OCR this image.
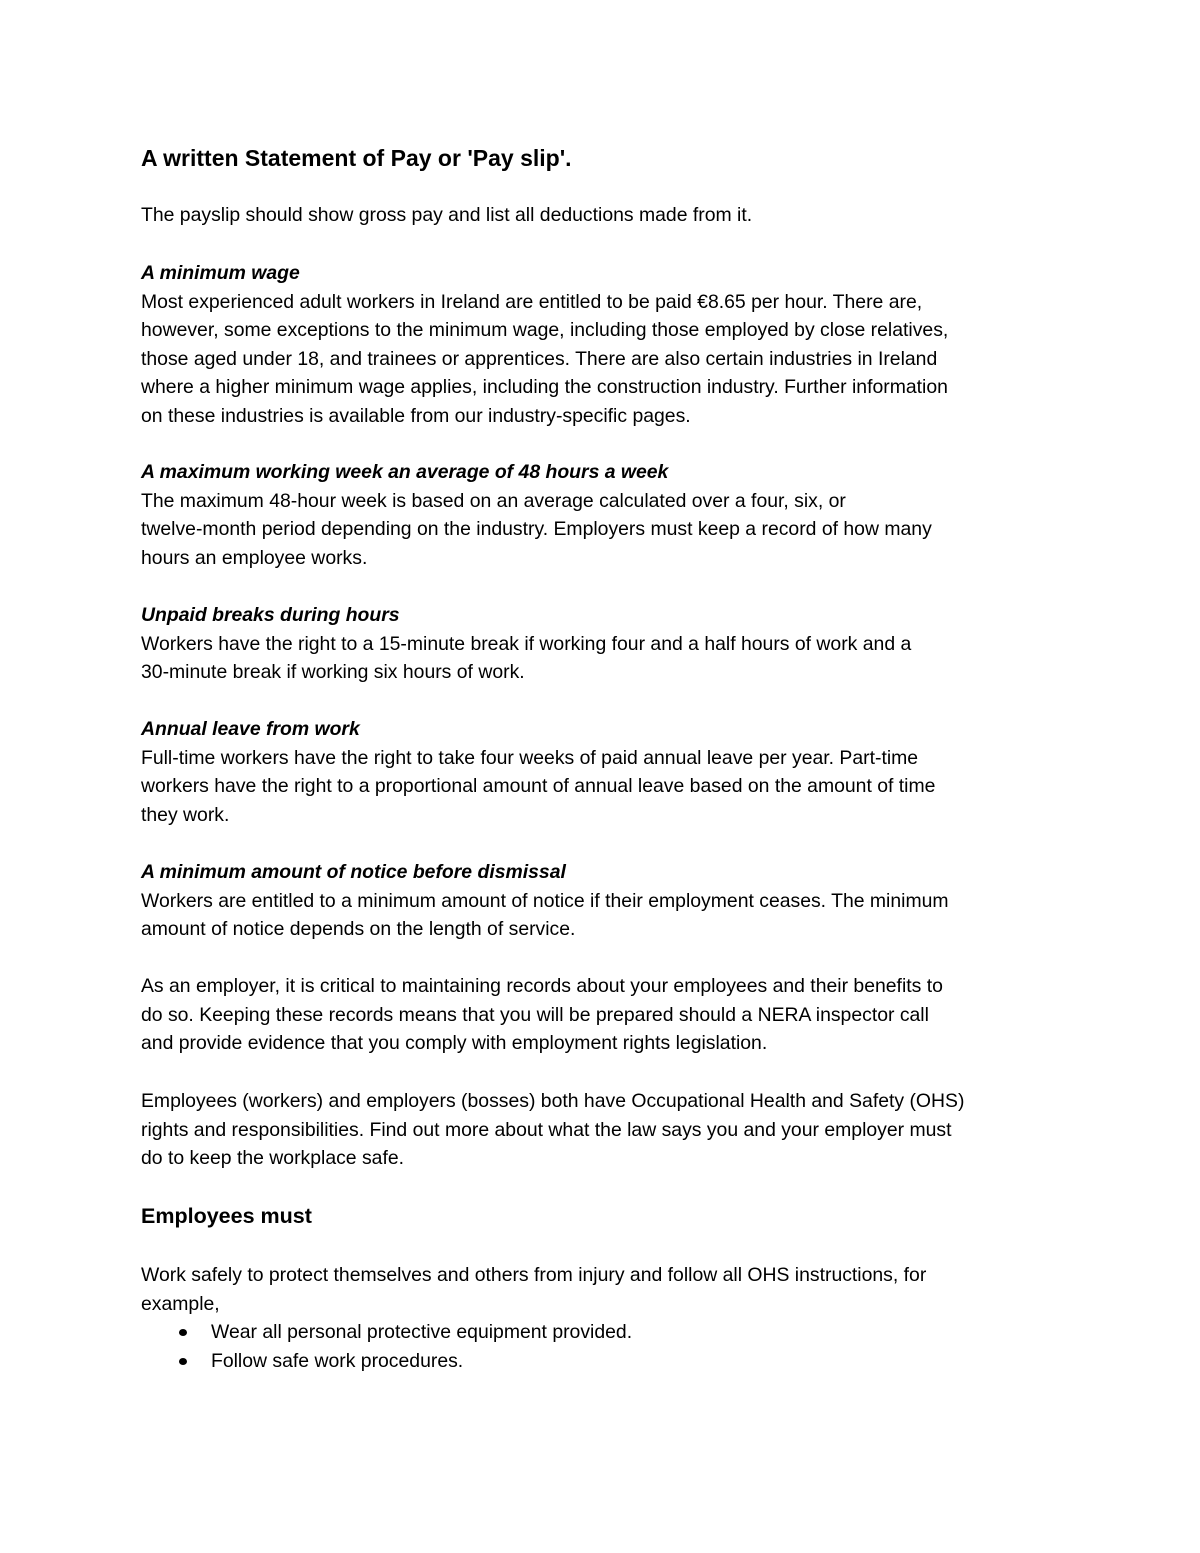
A written Statement of Pay or 'Pay slip'.

The payslip should show gross pay and list all deductions made from it.

A minimum wage
Most experienced adult workers in Ireland are entitled to be paid €8.65 per hour. There are,
however, some exceptions to the minimum wage, including those employed by close relatives,
those aged under 18, and trainees or apprentices. There are also certain industries in Ireland
where a higher minimum wage applies, including the construction industry. Further information
on these industries is available from our industry-specific pages.
A maximum working week an average of 48 hours a week
The maximum 48-hour week is based on an average calculated over a four, six, or
twelve-month period depending on the industry. Employers must keep a record of how many
hours an employee works.
Unpaid breaks during hours
Workers have the right to a 15-minute break if working four and a half hours of work and a
30-minute break if working six hours of work.
Annual leave from work
Full-time workers have the right to take four weeks of paid annual leave per year. Part-time
workers have the right to a proportional amount of annual leave based on the amount of time
they work.
A minimum amount of notice before dismissal
Workers are entitled to a minimum amount of notice if their employment ceases. The minimum
amount of notice depends on the length of service.
As an employer, it is critical to maintaining records about your employees and their benefits to
do so. Keeping these records means that you will be prepared should a NERA inspector call
and provide evidence that you comply with employment rights legislation.
Employees (workers) and employers (bosses) both have Occupational Health and Safety (OHS)
rights and responsibilities. Find out more about what the law says you and your employer must
do to keep the workplace safe.
Employees must
Work safely to protect themselves and others from injury and follow all OHS instructions, for
example,
Wear all personal protective equipment provided.
Follow safe work procedures.
